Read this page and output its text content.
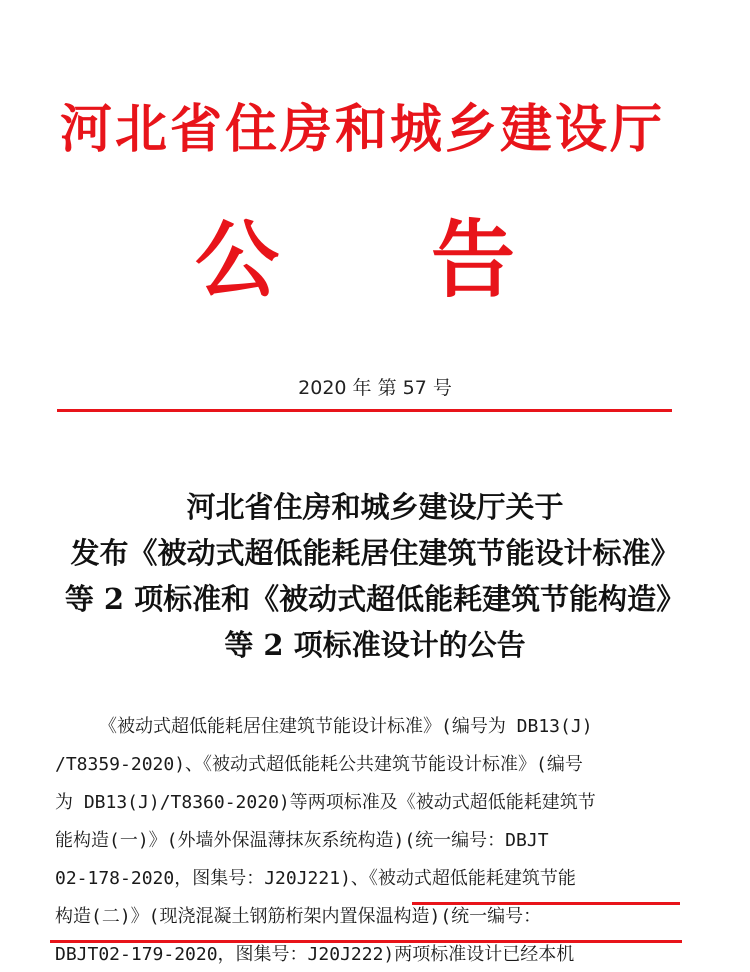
河北省住房和城乡建设厅
公 告
2020 年 第 57 号
河北省住房和城乡建设厅关于
发布《被动式超低能耗居住建筑节能设计标准》
等 2 项标准和《被动式超低能耗建筑节能构造》
等 2 项标准设计的公告
《被动式超低能耗居住建筑节能设计标准》(编号为 DB13(J)
/T8359-2020)、《被动式超低能耗公共建筑节能设计标准》(编号
为 DB13(J)/T8360-2020)等两项标准及《被动式超低能耗建筑节
能构造(一)》(外墙外保温薄抹灰系统构造)(统一编号：DBJT
02-178-2020，图集号：J20J221)、《被动式超低能耗建筑节能
构造(二)》(现浇混凝土钢筋桁架内置保温构造)(统一编号：
DBJT02-179-2020，图集号：J20J222)两项标准设计已经本机
